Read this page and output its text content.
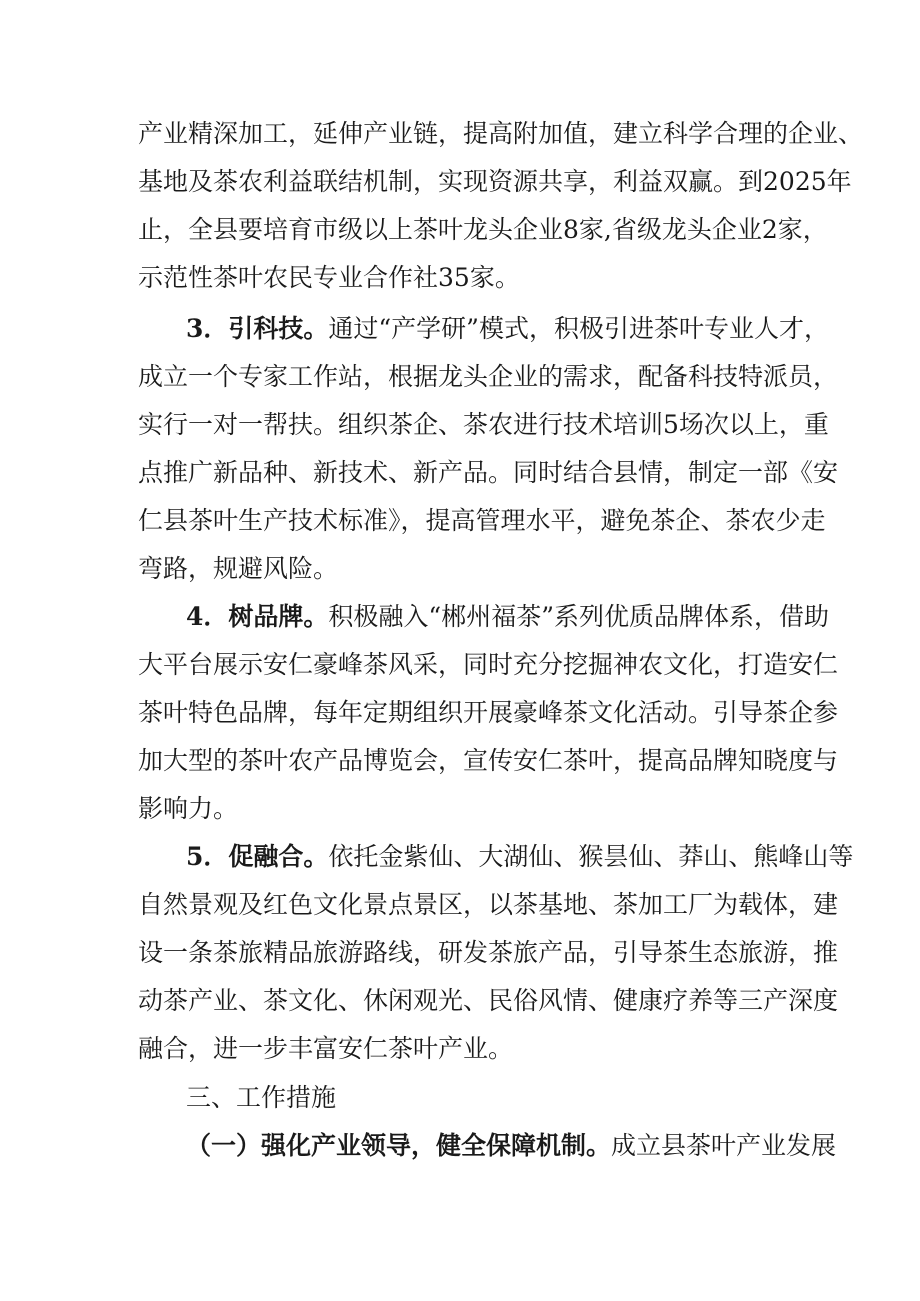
产业精深加工，延伸产业链，提高附加值，建立科学合理的企业、
基地及茶农利益联结机制，实现资源共享，利益双赢。到2025年
止，全县要培育市级以上茶叶龙头企业8家,省级龙头企业2家，
示范性茶叶农民专业合作社35家。
3．引科技。通过“产学研”模式，积极引进茶叶专业人才，
成立一个专家工作站，根据龙头企业的需求，配备科技特派员，
实行一对一帮扶。组织茶企、茶农进行技术培训5场次以上，重
点推广新品种、新技术、新产品。同时结合县情，制定一部《安
仁县茶叶生产技术标准》，提高管理水平，避免茶企、茶农少走
弯路，规避风险。
4．树品牌。积极融入“郴州福茶”系列优质品牌体系，借助
大平台展示安仁豪峰茶风采，同时充分挖掘神农文化，打造安仁
茶叶特色品牌，每年定期组织开展豪峰茶文化活动。引导茶企参
加大型的茶叶农产品博览会，宣传安仁茶叶，提高品牌知晓度与
影响力。
5．促融合。依托金紫仙、大湖仙、猴昙仙、莽山、熊峰山等
自然景观及红色文化景点景区，以茶基地、茶加工厂为载体，建
设一条茶旅精品旅游路线，研发茶旅产品，引导茶生态旅游，推
动茶产业、茶文化、休闲观光、民俗风情、健康疗养等三产深度
融合，进一步丰富安仁茶叶产业。
三、工作措施
（一）强化产业领导，健全保障机制。成立县茶叶产业发展
